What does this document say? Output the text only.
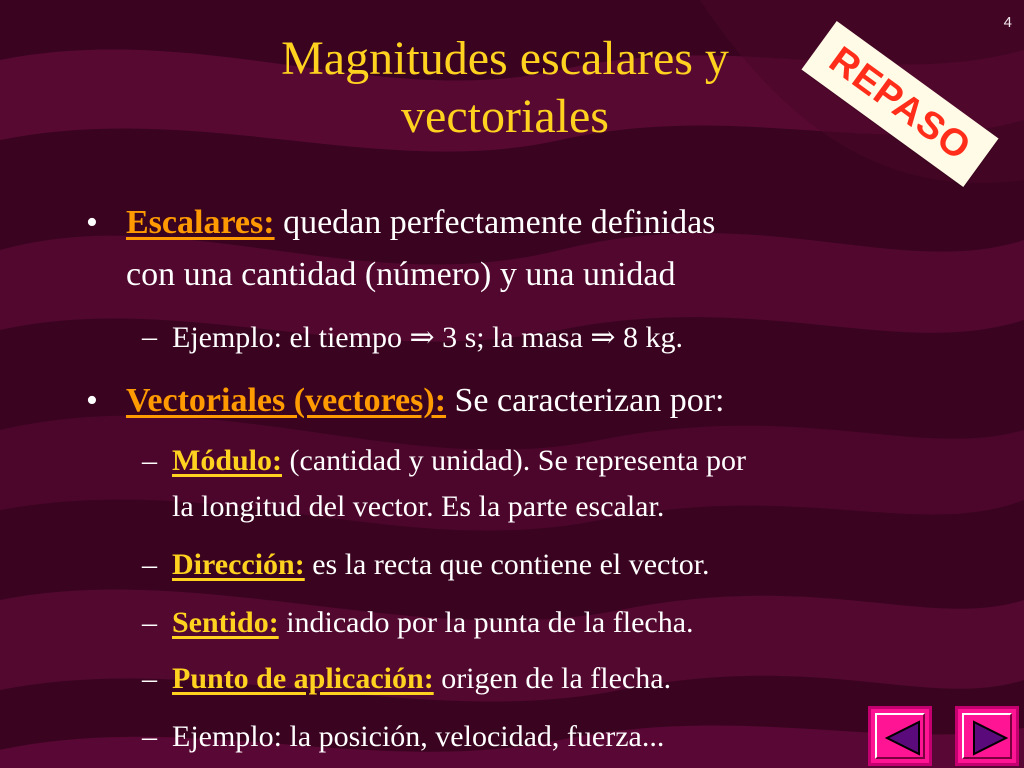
4
Magnitudes escalares y
vectoriales	REPASO
• Escalares: quedan perfectamente definidas
con una cantidad (número) y una unidad
– Ejemplo: el tiempo ⇒ 3 s; la masa ⇒ 8 kg.
• Vectoriales (vectores): Se caracterizan por:
– Módulo: (cantidad y unidad). Se representa por
la longitud del vector. Es la parte escalar.
– Dirección: es la recta que contiene el vector.
– Sentido: indicado por la punta de la flecha.
– Punto de aplicación: origen de la flecha.
– Ejemplo: la posición, velocidad, fuerza...
